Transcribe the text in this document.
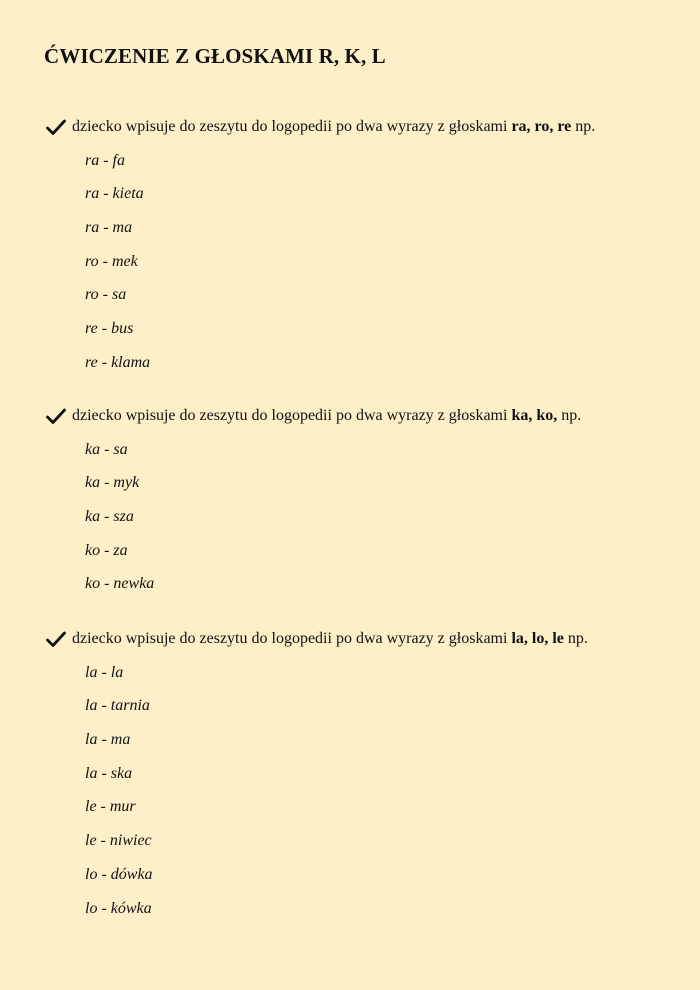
ĆWICZENIE Z GŁOSKAMI R, K, L
dziecko wpisuje do zeszytu do logopedii po dwa wyrazy z głoskami ra, ro, re np.
ra - fa
ra - kieta
ra - ma
ro - mek
ro - sa
re - bus
re - klama
dziecko wpisuje do zeszytu do logopedii po dwa wyrazy z głoskami ka, ko, np.
ka - sa
ka - myk
ka - sza
ko - za
ko - newka
dziecko wpisuje do zeszytu do logopedii po dwa wyrazy z głoskami la, lo, le np.
la - la
la - tarnia
la - ma
la - ska
le - mur
le - niwiec
lo - dówka
lo - kówka
